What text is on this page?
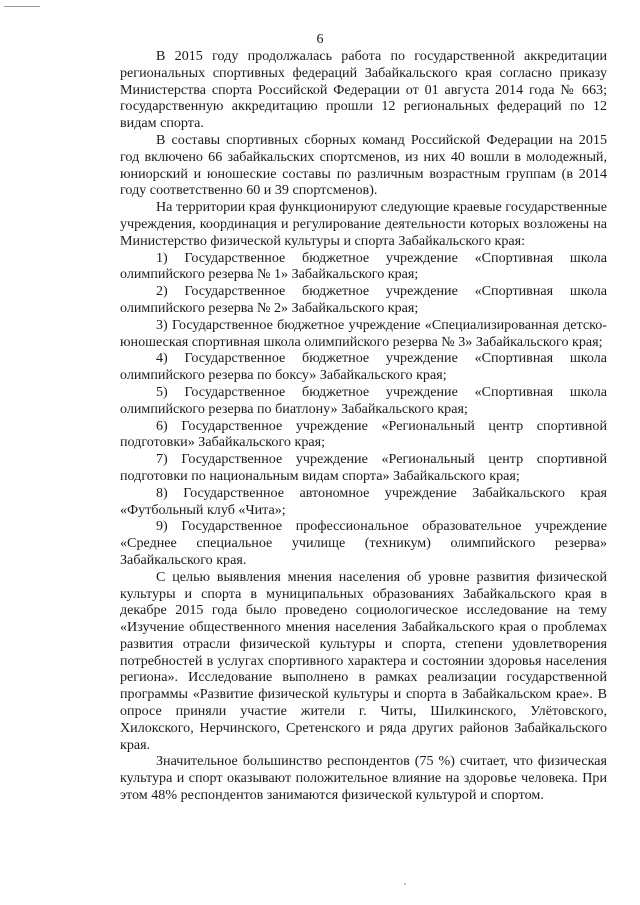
6

В 2015 году продолжалась работа по государственной аккредитации региональных спортивных федераций Забайкальского края согласно приказу Министерства спорта Российской Федерации от 01 августа 2014 года № 663; государственную аккредитацию прошли 12 региональных федераций по 12 видам спорта.

В составы спортивных сборных команд Российской Федерации на 2015 год включено 66 забайкальских спортсменов, из них 40 вошли в молодежный, юниорский и юношеские составы по различным возрастным группам (в 2014 году соответственно 60 и 39 спортсменов).

На территории края функционируют следующие краевые государственные учреждения, координация и регулирование деятельности которых возложены на Министерство физической культуры и спорта Забайкальского края:

1) Государственное бюджетное учреждение «Спортивная школа олимпийского резерва № 1» Забайкальского края;

2) Государственное бюджетное учреждение «Спортивная школа олимпийского резерва № 2» Забайкальского края;

3) Государственное бюджетное учреждение «Специализированная детско-юношеская спортивная школа олимпийского резерва № 3» Забайкальского края;

4) Государственное бюджетное учреждение «Спортивная школа олимпийского резерва по боксу» Забайкальского края;

5) Государственное бюджетное учреждение «Спортивная школа олимпийского резерва по биатлону» Забайкальского края;

6) Государственное учреждение «Региональный центр спортивной подготовки» Забайкальского края;

7) Государственное учреждение «Региональный центр спортивной подготовки по национальным видам спорта» Забайкальского края;

8) Государственное автономное учреждение Забайкальского края «Футбольный клуб «Чита»;

9) Государственное профессиональное образовательное учреждение «Среднее специальное училище (техникум) олимпийского резерва» Забайкальского края.

С целью выявления мнения населения об уровне развития физической культуры и спорта в муниципальных образованиях Забайкальского края в декабре 2015 года было проведено социологическое исследование на тему «Изучение общественного мнения населения Забайкальского края о проблемах развития отрасли физической культуры и спорта, степени удовлетворения потребностей в услугах спортивного характера и состоянии здоровья населения региона». Исследование выполнено в рамках реализации государственной программы «Развитие физической культуры и спорта в Забайкальском крае». В опросе приняли участие жители г. Читы, Шилкинского, Улётовского, Хилокского, Нерчинского, Сретенского и ряда других районов Забайкальского края.

Значительное большинство респондентов (75 %) считает, что физическая культура и спорт оказывают положительное влияние на здоровье человека. При этом 48% респондентов занимаются физической культурой и спортом.
